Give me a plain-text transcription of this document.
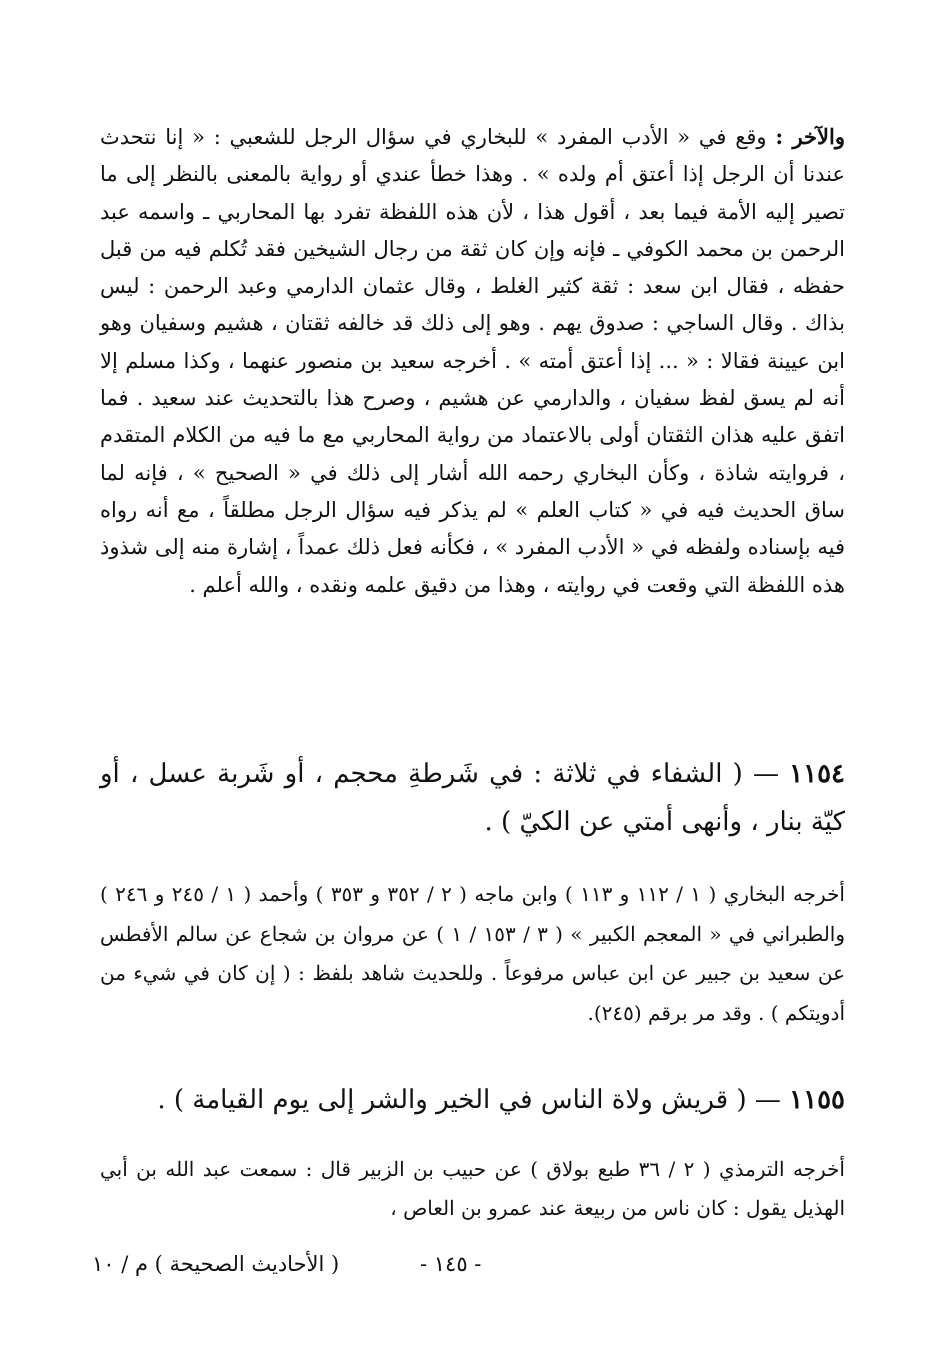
والآخر : وقع في « الأدب المفرد » للبخاري في سؤال الرجل للشعبي : « إنا نتحدث عندنا أن الرجل إذا أعتق أم ولده » . وهذا خطأ عندي أو رواية بالمعنى بالنظر إلى ما تصير إليه الأمة فيما بعد ، أقول هذا ، لأن هذه اللفظة تفرد بها المحاربي ـ واسمه عبد الرحمن بن محمد الكوفي ـ فإنه وإن كان ثقة من رجال الشيخين فقد تُكلم فيه من قبل حفظه ، فقال ابن سعد : ثقة كثير الغلط ، وقال عثمان الدارمي وعبد الرحمن : ليس بذاك . وقال الساجي : صدوق يهم . وهو إلى ذلك قد خالفه ثقتان ، هشيم وسفيان وهو ابن عيينة فقالا : « ... إذا أعتق أمته » . أخرجه سعيد بن منصور عنهما ، وكذا مسلم إلا أنه لم يسق لفظ سفيان ، والدارمي عن هشيم ، وصرح هذا بالتحديث عند سعيد . فما اتفق عليه هذان الثقتان أولى بالاعتماد من رواية المحاربي مع ما فيه من الكلام المتقدم ، فروايته شاذة ، وكأن البخاري رحمه الله أشار إلى ذلك في « الصحيح » ، فإنه لما ساق الحديث فيه في « كتاب العلم » لم يذكر فيه سؤال الرجل مطلقاً ، مع أنه رواه فيه بإسناده ولفظه في « الأدب المفرد » ، فكأنه فعل ذلك عمداً ، إشارة منه إلى شذوذ هذه اللفظة التي وقعت في روايته ، وهذا من دقيق علمه ونقده ، والله أعلم .

١١٥٤ — ( الشفاء في ثلاثة : في شَرطةِ محجم ، أو شَربة عسل ، أو كيّة بنار ، وأنهى أمتي عن الكيّ ) .

أخرجه البخاري ( ١ / ١١٢ و ١١٣ ) وابن ماجه ( ٢ / ٣٥٢ و ٣٥٣ ) وأحمد ( ١ / ٢٤٥ و ٢٤٦ ) والطبراني في « المعجم الكبير » ( ٣ / ١٥٣ / ١ ) عن مروان بن شجاع عن سالم الأفطس عن سعيد بن جبير عن ابن عباس مرفوعاً . وللحديث شاهد بلفظ : ( إن كان في شيء من أدويتكم ) . وقد مر برقم (٢٤٥).

١١٥٥ — ( قريش ولاة الناس في الخير والشر إلى يوم القيامة ) .

أخرجه الترمذي ( ٢ / ٣٦ طبع بولاق ) عن حبيب بن الزبير قال : سمعت عبد الله بن أبي الهذيل يقول : كان ناس من ربيعة عند عمرو بن العاص ،

- ١٤٥ -
( الأحاديث الصحيحة ) م / ١٠
